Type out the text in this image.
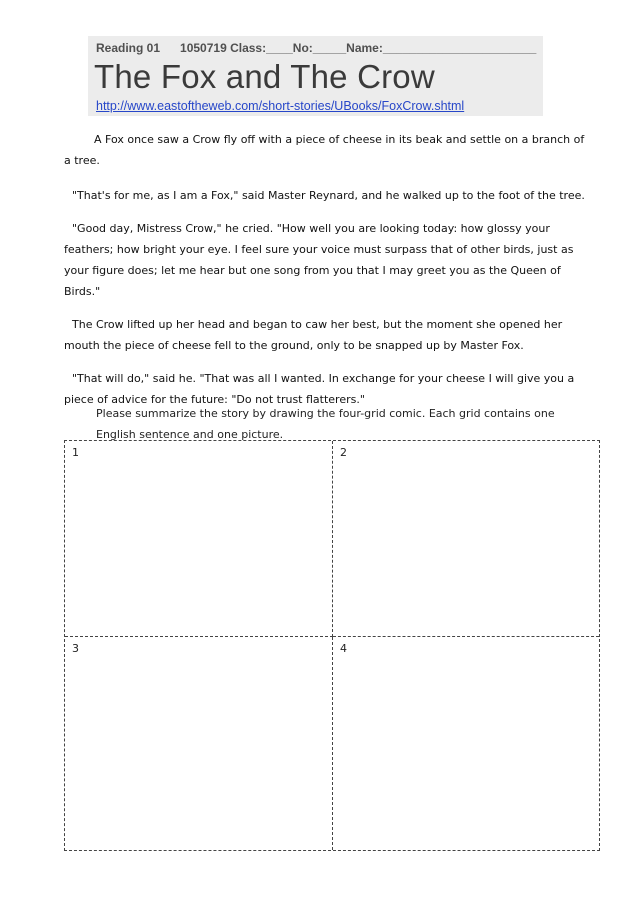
Reading 01      1050719 Class:____No:_____Name:_______________________
The Fox and The Crow
http://www.eastoftheweb.com/short-stories/UBooks/FoxCrow.shtml

A Fox once saw a Crow fly off with a piece of cheese in its beak and settle on a branch of a tree.

"That's for me, as I am a Fox," said Master Reynard, and he walked up to the foot of the tree.

"Good day, Mistress Crow," he cried. "How well you are looking today: how glossy your feathers; how bright your eye. I feel sure your voice must surpass that of other birds, just as your figure does; let me hear but one song from you that I may greet you as the Queen of Birds."

The Crow lifted up her head and began to caw her best, but the moment she opened her mouth the piece of cheese fell to the ground, only to be snapped up by Master Fox.

"That will do," said he. "That was all I wanted. In exchange for your cheese I will give you a piece of advice for the future: "Do not trust flatterers."

Please summarize the story by drawing the four-grid comic. Each grid contains one English sentence and one picture.
1	2
3	4
